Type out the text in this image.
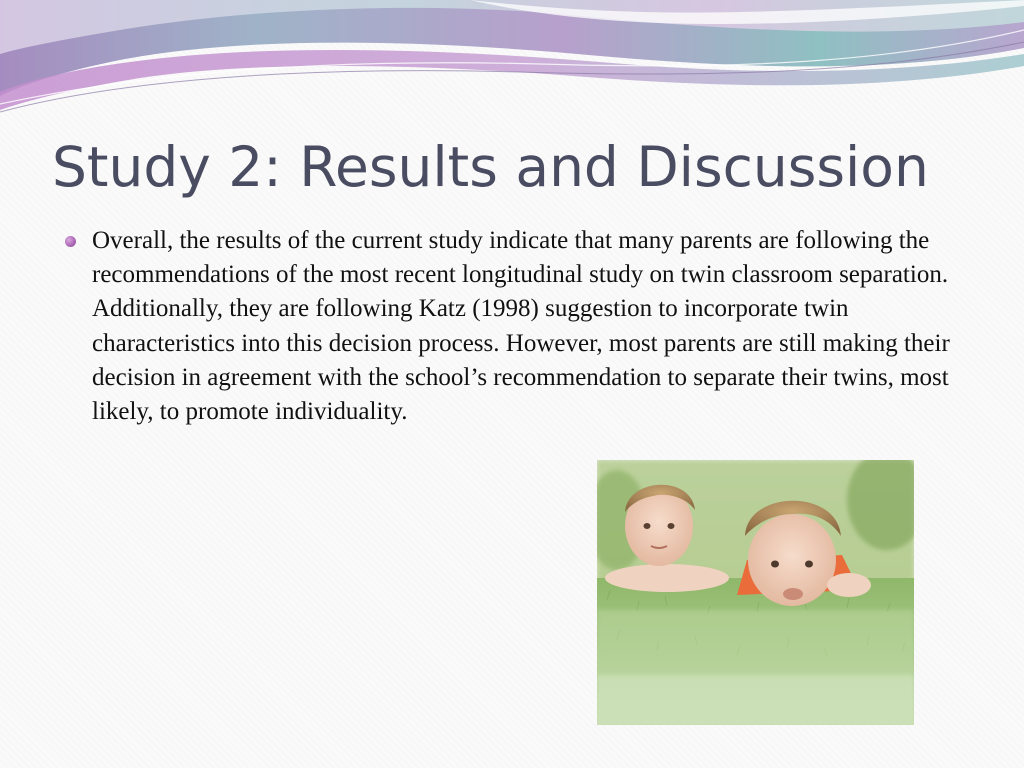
Study 2: Results and Discussion

Overall, the results of the current study indicate that many parents are following the recommendations of the most recent longitudinal study on twin classroom separation. Additionally, they are following Katz (1998) suggestion to incorporate twin characteristics into this decision process. However, most parents are still making their decision in agreement with the school’s recommendation to separate their twins, most likely, to promote individuality.
